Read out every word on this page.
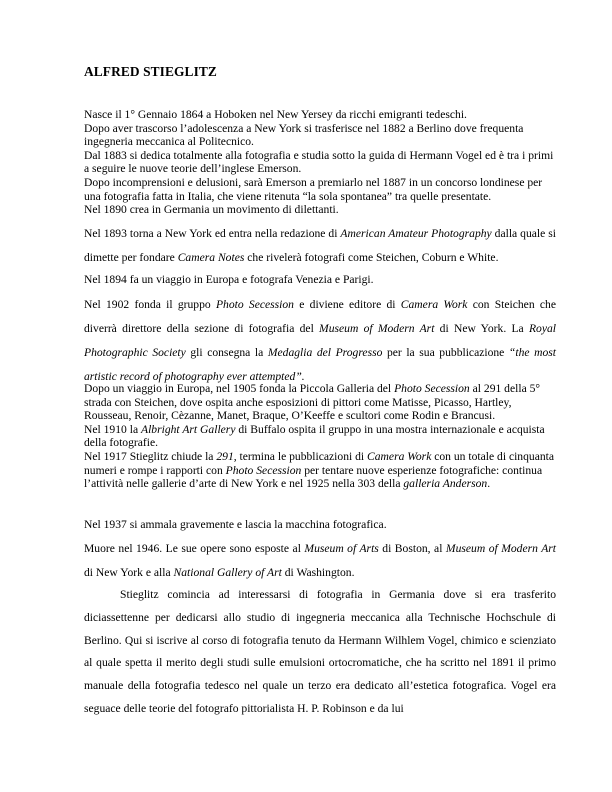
ALFRED STIEGLITZ
Nasce il 1° Gennaio 1864 a Hoboken nel New Yersey da ricchi emigranti tedeschi.
Dopo aver trascorso l’adolescenza a New York si trasferisce nel 1882 a Berlino dove frequenta ingegneria meccanica al Politecnico.
Dal 1883 si dedica totalmente alla fotografia e studia sotto la guida di Hermann Vogel ed è tra i primi a seguire le nuove teorie dell’inglese Emerson.
Dopo incomprensioni e delusioni, sarà Emerson a premiarlo nel 1887 in un concorso londinese per una fotografia fatta in Italia, che viene ritenuta “la sola spontanea” tra quelle presentate.
Nel 1890 crea in Germania un movimento di dilettanti.
Nel 1893 torna a New York ed entra nella redazione di American Amateur Photography dalla quale si dimette per fondare Camera Notes che rivelerà fotografi come Steichen, Coburn e White.
Nel 1894 fa un viaggio in Europa e fotografa Venezia e Parigi.
Nel 1902 fonda il gruppo Photo Secession e diviene editore di Camera Work con Steichen che diverrà direttore della sezione di fotografia del Museum of Modern Art di New York. La Royal Photographic Society gli consegna la Medaglia del Progresso per la sua pubblicazione “the most artistic record of photography ever attempted”.
Dopo un viaggio in Europa, nel 1905 fonda la Piccola Galleria del Photo Secession al 291 della 5° strada con Steichen, dove ospita anche esposizioni di pittori come Matisse, Picasso, Hartley, Rousseau, Renoir, Cèzanne, Manet, Braque, O’Keeffe e scultori come Rodin e Brancusi.
Nel 1910 la Albright Art Gallery di Buffalo ospita il gruppo in una mostra internazionale e acquista della fotografie.
Nel 1917 Stieglitz chiude la 291, termina le pubblicazioni di Camera Work con un totale di cinquanta numeri e rompe i rapporti con Photo Secession per tentare nuove esperienze fotografiche: continua l’attività nelle gallerie d’arte di New York e nel 1925 nella 303 della galleria Anderson.
Nel 1937 si ammala gravemente e lascia la macchina fotografica.
Muore nel 1946. Le sue opere sono esposte al Museum of Arts di Boston, al Museum of Modern Art di New York e alla National Gallery of Art di Washington.
Stieglitz comincia ad interessarsi di fotografia in Germania dove si era trasferito diciassettenne per dedicarsi allo studio di ingegneria meccanica alla Technische Hochschule di Berlino. Qui si iscrive al corso di fotografia tenuto da Hermann Wilhlem Vogel, chimico e scienziato al quale spetta il merito degli studi sulle emulsioni ortocromatiche, che ha scritto nel 1891 il primo manuale della fotografia tedesco nel quale un terzo era dedicato all’estetica fotografica. Vogel era seguace delle teorie del fotografo pittorialista H. P. Robinson e da lui
